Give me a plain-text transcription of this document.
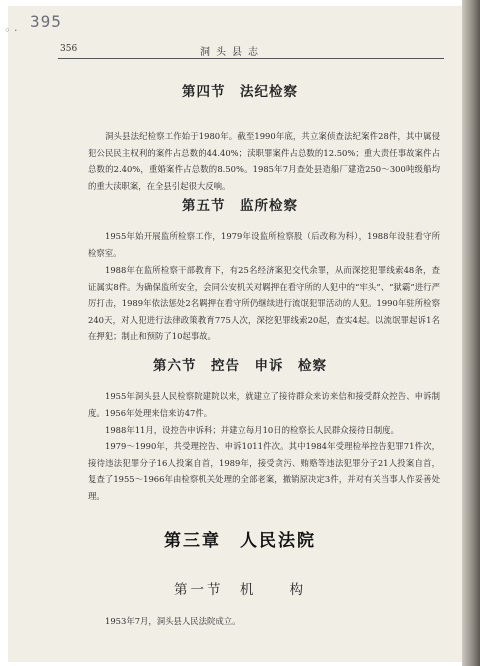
395
◦ ·
356	洞头县志
第四节　法纪检察

洞头县法纪检察工作始于1980年。截至1990年底，共立案侦查法纪案件28件，其中属侵犯公民民主权利的案件占总数的44.40%；渎职罪案件占总数的12.50%；重大责任事故案件占总数的2.40%，重婚案件占总数的8.50%。1985年7月查处县造船厂建造250～300吨级船均的重大渎职案，在全县引起很大反响。

第五节　监所检察

1955年始开展监所检察工作，1979年设监所检察股（后改称为科），1988年设驻看守所检察室。

1988年在监所检察干部教育下，有25名经济案犯交代余罪，从而深挖犯罪线索48条，查证属实8件。为确保监所安全，会同公安机关对羁押在看守所的人犯中的“牢头”、“狱霸”进行严厉打击，1989年依法惩处2名羁押在看守所仍继续进行流氓犯罪活动的人犯。1990年驻所检察240天，对人犯进行法律政策教育775人次，深挖犯罪线索20起，查实4起。以流氓罪起诉1名在押犯；制止和预防了10起事故。

第六节　控告　申诉　检察

1955年洞头县人民检察院建院以来，就建立了接待群众来访来信和接受群众控告、申诉制度。1956年处理来信来访47件。

1988年11月，设控告申诉科；并建立每月10日的检察长人民群众接待日制度。

1979～1990年，共受理控告、申诉1011件次。其中1984年受理检举控告犯罪71件次，接待违法犯罪分子16人投案自首，1989年，接受贪污、贿赂等违法犯罪分子21人投案自首，复查了1955～1966年由检察机关处理的全部老案，撤销原决定3件，并对有关当事人作妥善处理。

第三章　人民法院
第一节　机　　构

1953年7月，洞头县人民法院成立。
